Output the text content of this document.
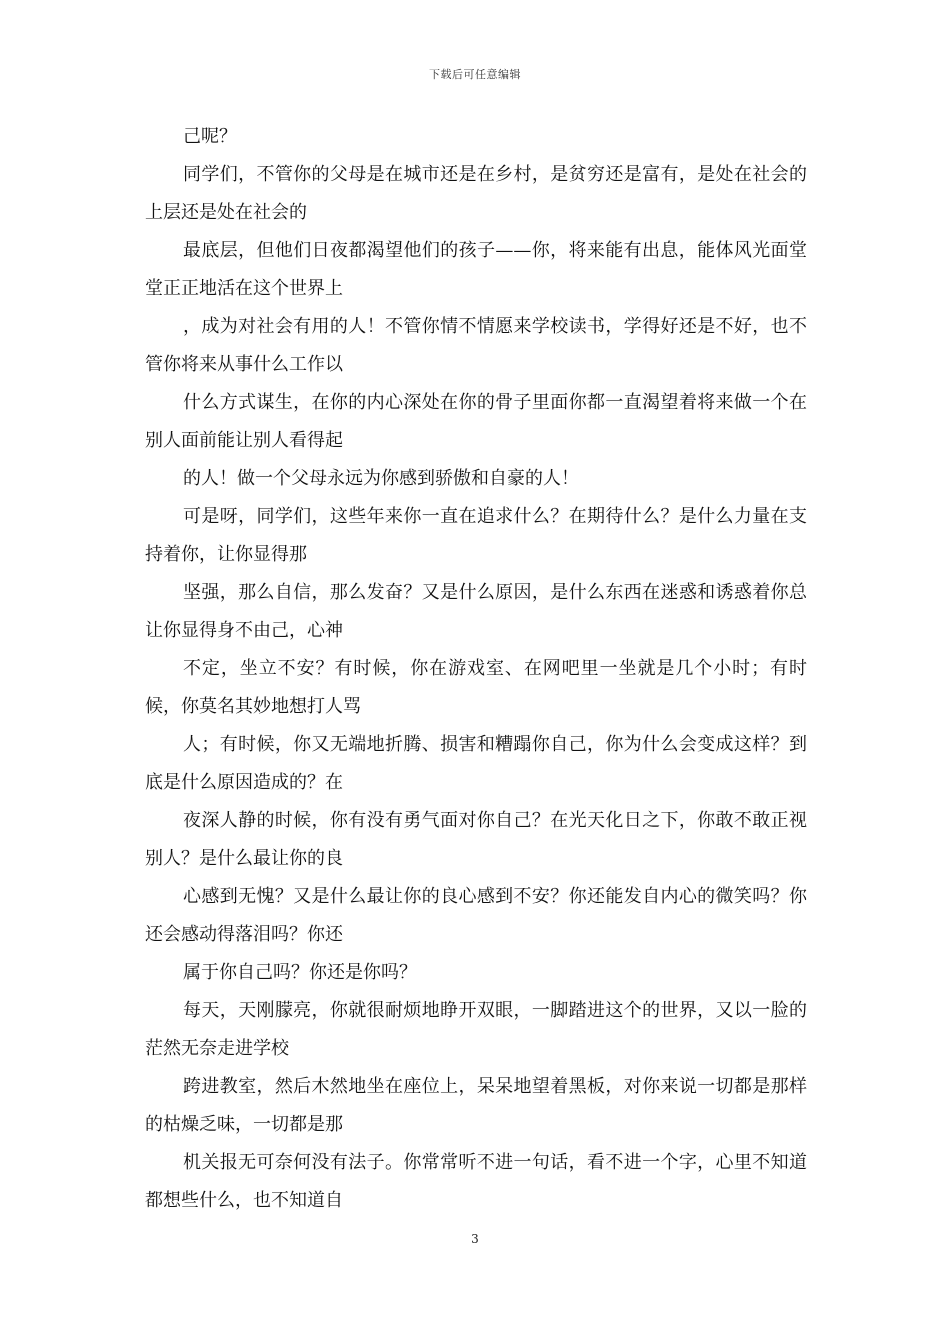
下载后可任意编辑

己呢？

同学们，不管你的父母是在城市还是在乡村，是贫穷还是富有，是处在社会的上层还是处在社会的

最底层，但他们日夜都渴望他们的孩子——你，将来能有出息，能体风光面堂堂正正地活在这个世界上

，成为对社会有用的人！不管你情不情愿来学校读书，学得好还是不好，也不管你将来从事什么工作以

什么方式谋生，在你的内心深处在你的骨子里面你都一直渴望着将来做一个在别人面前能让别人看得起

的人！做一个父母永远为你感到骄傲和自豪的人！

可是呀，同学们，这些年来你一直在追求什么？在期待什么？是什么力量在支持着你，让你显得那

坚强，那么自信，那么发奋？又是什么原因，是什么东西在迷惑和诱惑着你总让你显得身不由己，心神

不定，坐立不安？有时候，你在游戏室、在网吧里一坐就是几个小时；有时候，你莫名其妙地想打人骂

人；有时候，你又无端地折腾、损害和糟蹋你自己，你为什么会变成这样？到底是什么原因造成的？在

夜深人静的时候，你有没有勇气面对你自己？在光天化日之下，你敢不敢正视别人？是什么最让你的良

心感到无愧？又是什么最让你的良心感到不安？你还能发自内心的微笑吗？你还会感动得落泪吗？你还

属于你自己吗？你还是你吗？

每天，天刚朦亮，你就很耐烦地睁开双眼，一脚踏进这个的世界，又以一脸的茫然无奈走进学校

跨进教室，然后木然地坐在座位上，呆呆地望着黑板，对你来说一切都是那样的枯燥乏味，一切都是那

机关报无可奈何没有法子。你常常听不进一句话，看不进一个字，心里不知道都想些什么，也不知道自

3
